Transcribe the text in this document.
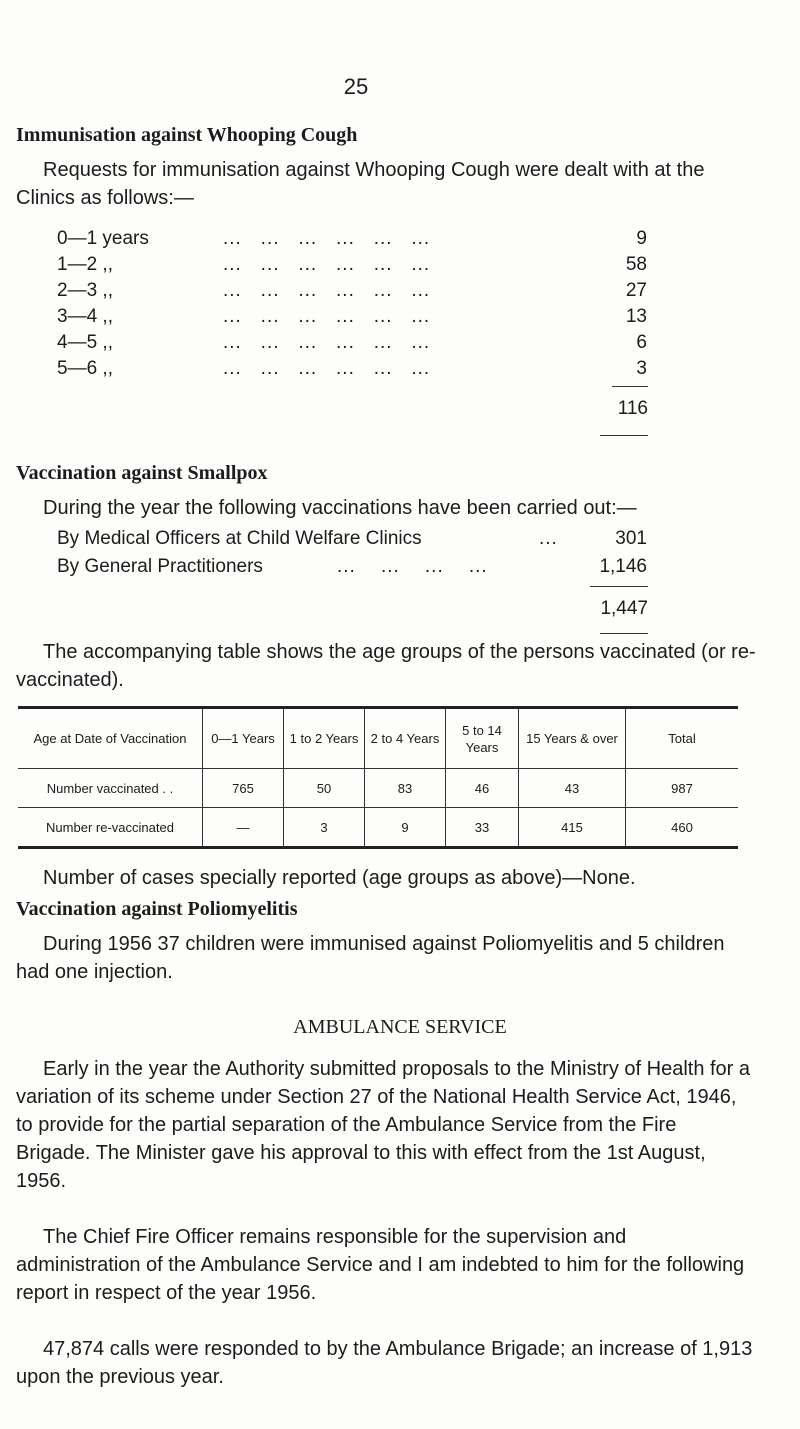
25
Immunisation against Whooping Cough

Requests for immunisation against Whooping Cough were dealt with at the Clinics as follows:—

0—1 years	...   ...   ...   ...   ...   ...	9
1—2 ,,	...   ...   ...   ...   ...   ...	58
2—3 ,,	...   ...   ...   ...   ...   ...	27
3—4 ,,	...   ...   ...   ...   ...   ...	13
4—5 ,,	...   ...   ...   ...   ...   ...	6
5—6 ,,	...   ...   ...   ...   ...   ...	3
116
Vaccination against Smallpox
During the year the following vaccinations have been carried out:—
By Medical Officers at Child Welfare Clinics	...	301
By General Practitioners	...    ...    ...    ...	1,146
1,447

The accompanying table shows the age groups of the persons vaccinated (or re-vaccinated).

Age at Date of Vaccination	0—1 Years	1 to 2 Years	2 to 4 Years	5 to 14 Years	15 Years & over	Total
Number vaccinated . .	765	50	83	46	43	987
Number re-vaccinated	—	3	9	33	415	460
Number of cases specially reported (age groups as above)—None.
Vaccination against Poliomyelitis

During 1956 37 children were immunised against Poliomyelitis and 5 children had one injection.

AMBULANCE SERVICE

Early in the year the Authority submitted proposals to the Ministry of Health for a variation of its scheme under Section 27 of the National Health Service Act, 1946, to provide for the partial separation of the Ambulance Service from the Fire Brigade. The Minister gave his approval to this with effect from the 1st August, 1956.

The Chief Fire Officer remains responsible for the supervision and administration of the Ambulance Service and I am indebted to him for the following report in respect of the year 1956.

47,874 calls were responded to by the Ambulance Brigade; an increase of 1,913 upon the previous year.
